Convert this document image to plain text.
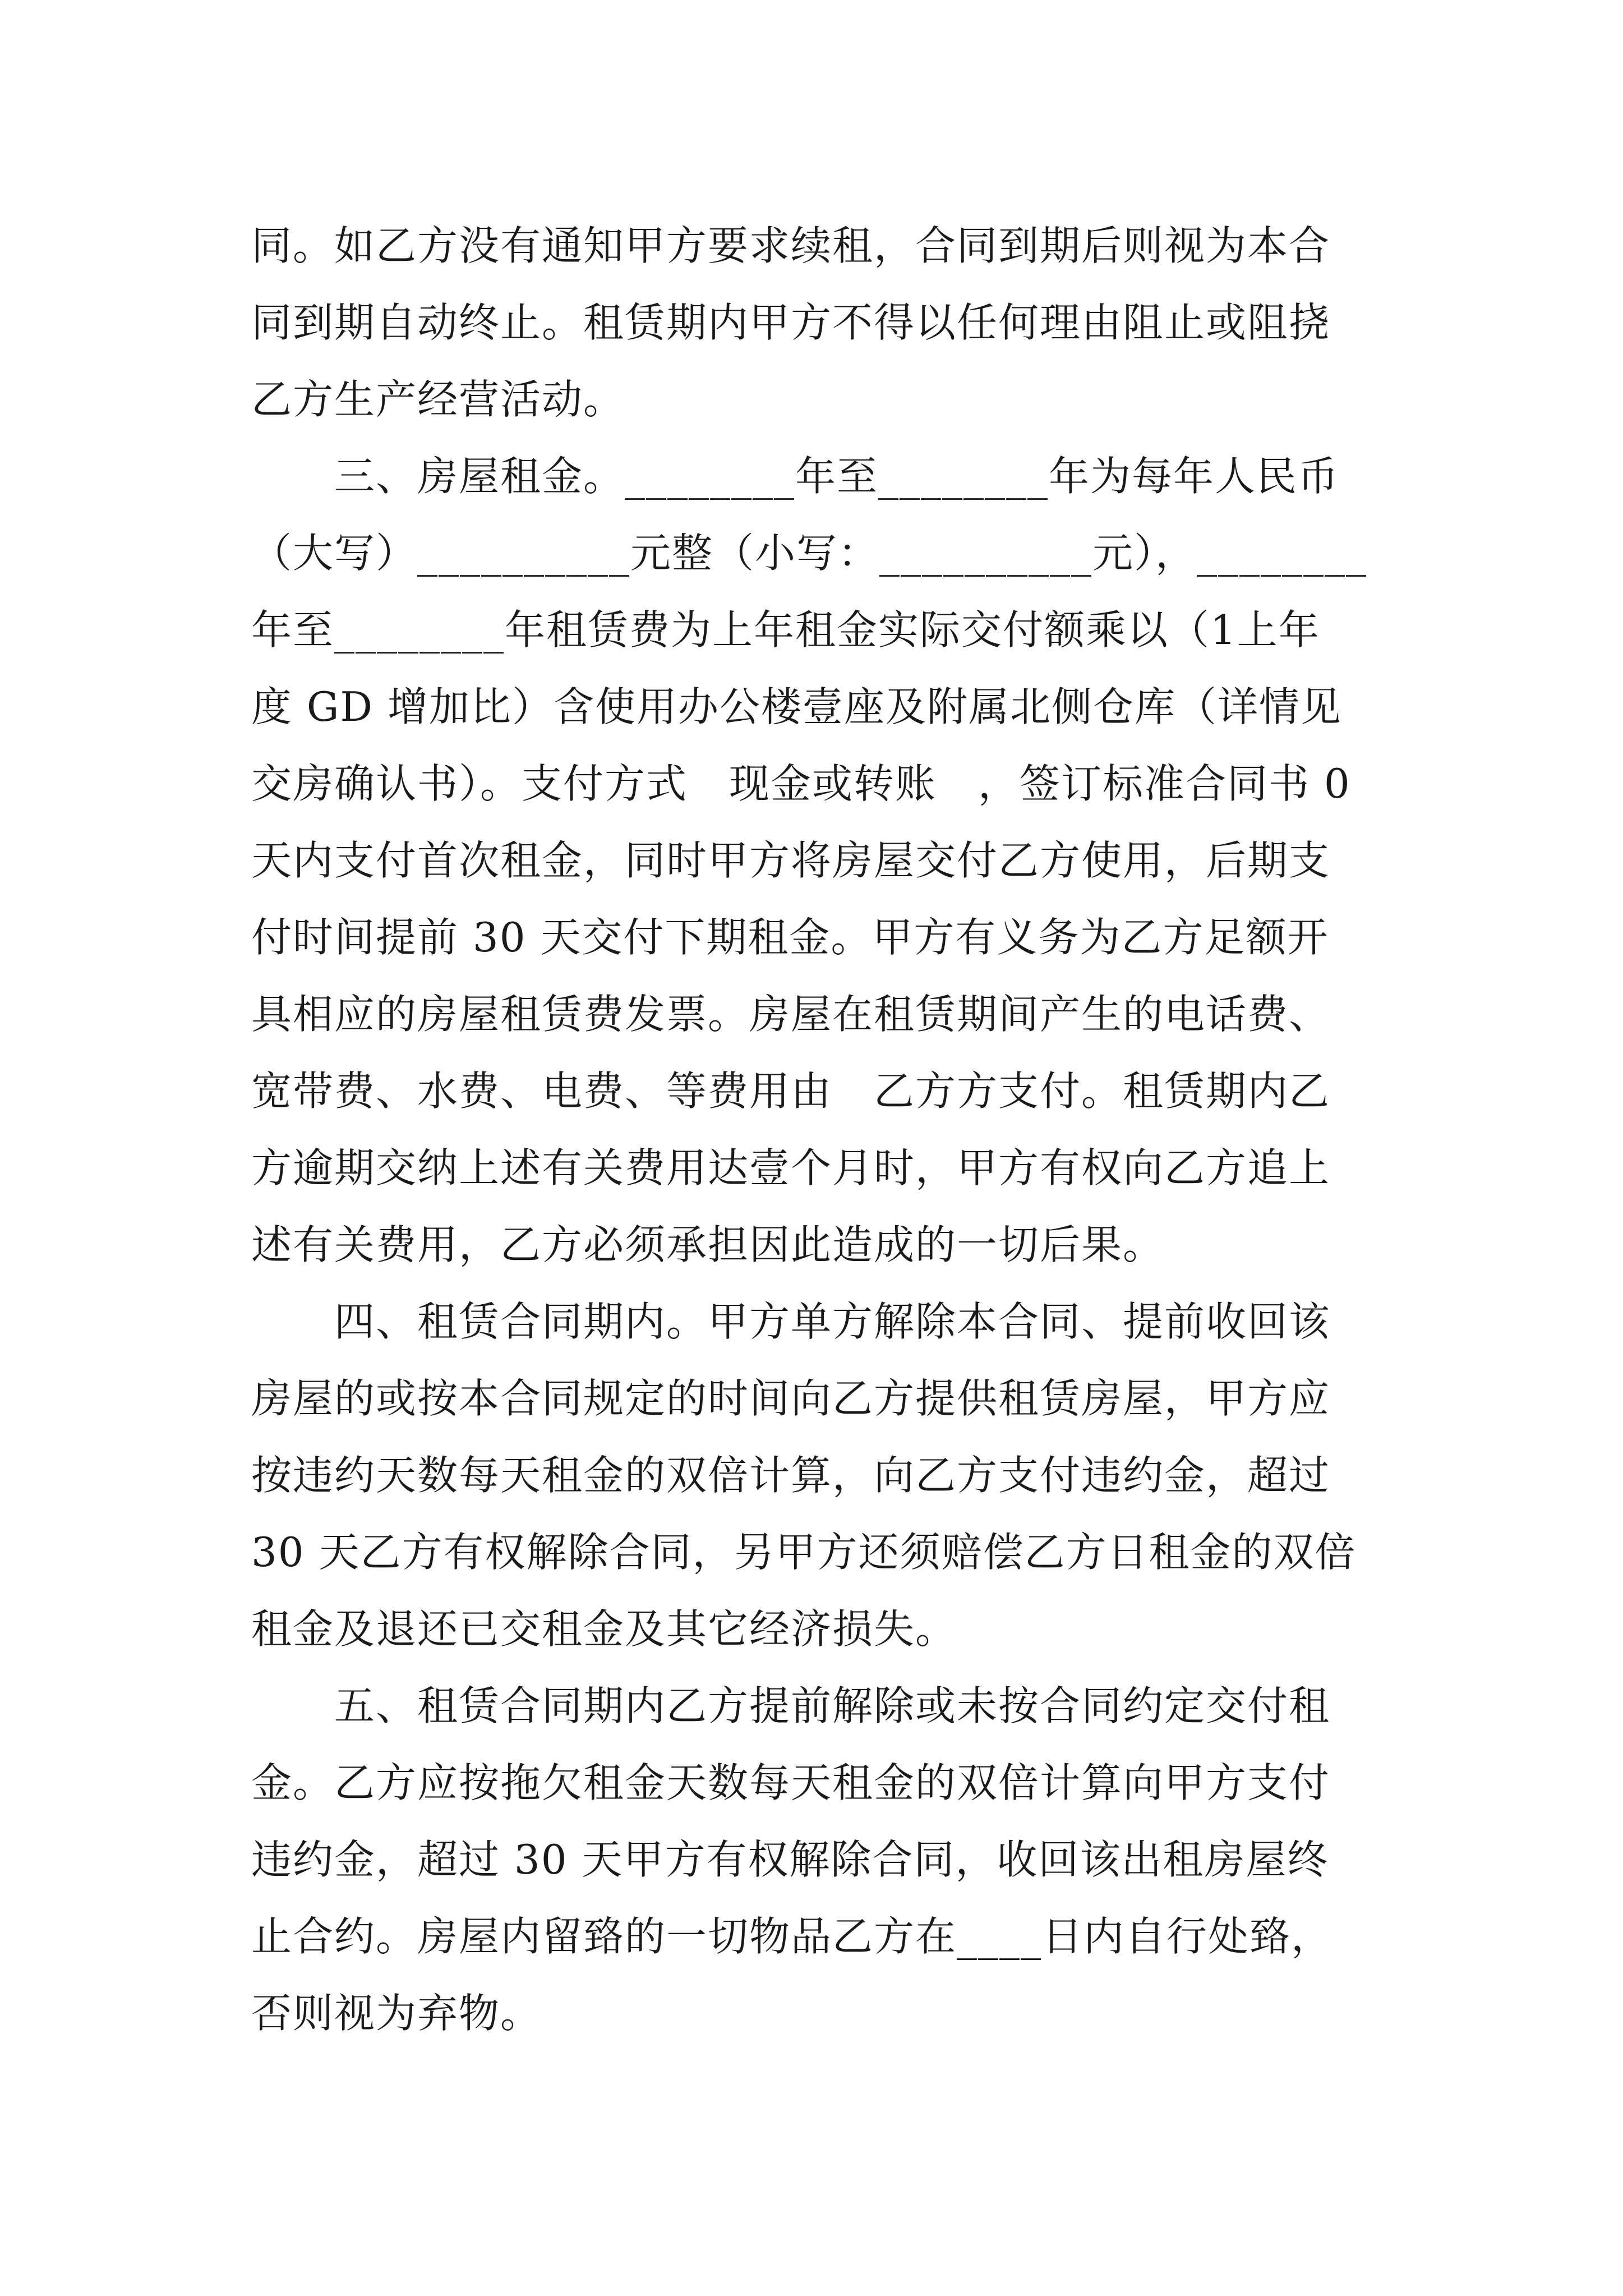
同。如乙方没有通知甲方要求续租，合同到期后则视为本合
同到期自动终止。租赁期内甲方不得以任何理由阻止或阻挠
乙方生产经营活动。
　　三、房屋租金。________年至________年为每年人民币
（大写）__________元整（小写：__________元），________
年至________年租赁费为上年租金实际交付额乘以（1上年
度 GD 增加比）含使用办公楼壹座及附属北侧仓库（详情见
交房确认书）。支付方式　现金或转账　，签订标准合同书 0
天内支付首次租金，同时甲方将房屋交付乙方使用，后期支
付时间提前 30 天交付下期租金。甲方有义务为乙方足额开
具相应的房屋租赁费发票。房屋在租赁期间产生的电话费、
宽带费、水费、电费、等费用由　乙方方支付。租赁期内乙
方逾期交纳上述有关费用达壹个月时，甲方有权向乙方追上
述有关费用，乙方必须承担因此造成的一切后果。
　　四、租赁合同期内。甲方单方解除本合同、提前收回该
房屋的或按本合同规定的时间向乙方提供租赁房屋，甲方应
按违约天数每天租金的双倍计算，向乙方支付违约金，超过
30 天乙方有权解除合同，另甲方还须赔偿乙方日租金的双倍
租金及退还已交租金及其它经济损失。
　　五、租赁合同期内乙方提前解除或未按合同约定交付租
金。乙方应按拖欠租金天数每天租金的双倍计算向甲方支付
违约金，超过 30 天甲方有权解除合同，收回该出租房屋终
止合约。房屋内留臵的一切物品乙方在____日内自行处臵，
否则视为弃物。
